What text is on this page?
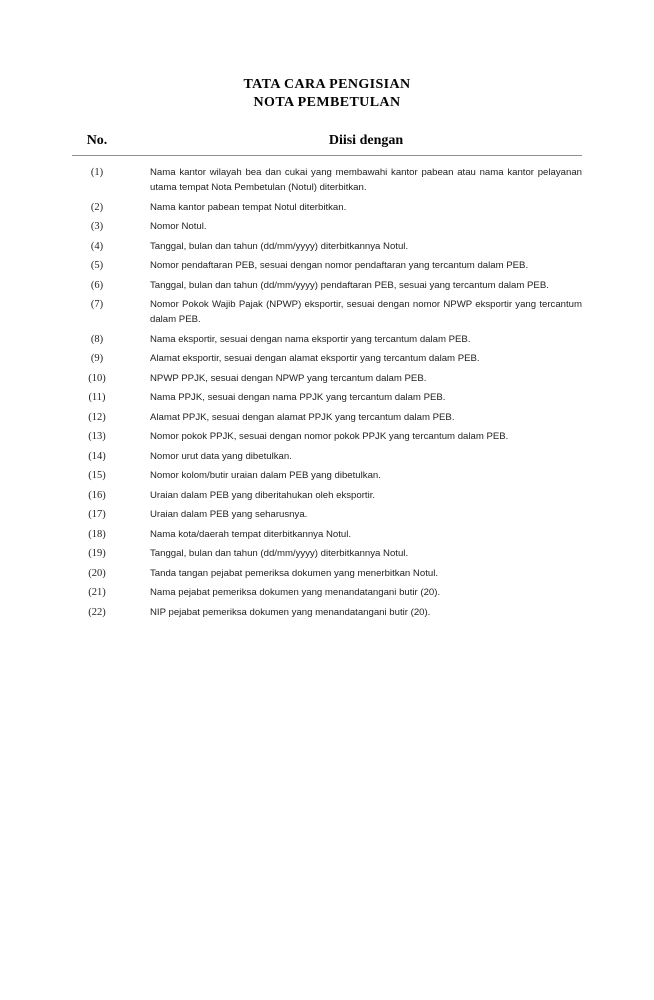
TATA CARA PENGISIAN
NOTA PEMBETULAN
No.	Diisi dengan
(1)	Nama kantor wilayah bea dan cukai yang membawahi kantor pabean atau nama kantor pelayanan utama tempat Nota Pembetulan (Notul) diterbitkan.
(2)	Nama kantor pabean tempat Notul diterbitkan.
(3)	Nomor Notul.
(4)	Tanggal, bulan dan tahun (dd/mm/yyyy) diterbitkannya Notul.
(5)	Nomor pendaftaran PEB, sesuai dengan nomor pendaftaran yang tercantum dalam PEB.
(6)	Tanggal, bulan dan tahun (dd/mm/yyyy) pendaftaran PEB, sesuai yang tercantum dalam PEB.
(7)	Nomor Pokok Wajib Pajak (NPWP) eksportir, sesuai dengan nomor NPWP eksportir yang tercantum dalam PEB.
(8)	Nama eksportir, sesuai dengan nama eksportir yang tercantum dalam PEB.
(9)	Alamat eksportir, sesuai dengan alamat eksportir yang tercantum dalam PEB.
(10)	NPWP PPJK, sesuai dengan NPWP yang tercantum dalam PEB.
(11)	Nama PPJK, sesuai dengan nama PPJK yang tercantum dalam PEB.
(12)	Alamat PPJK, sesuai dengan alamat PPJK yang tercantum dalam PEB.
(13)	Nomor pokok PPJK, sesuai dengan nomor pokok PPJK yang tercantum dalam PEB.
(14)	Nomor urut data yang dibetulkan.
(15)	Nomor kolom/butir uraian dalam PEB yang dibetulkan.
(16)	Uraian dalam PEB yang diberitahukan oleh eksportir.
(17)	Uraian dalam PEB yang seharusnya.
(18)	Nama kota/daerah tempat diterbitkannya Notul.
(19)	Tanggal, bulan dan tahun (dd/mm/yyyy) diterbitkannya Notul.
(20)	Tanda tangan pejabat pemeriksa dokumen yang menerbitkan Notul.
(21)	Nama pejabat pemeriksa dokumen yang menandatangani butir (20).
(22)	NIP pejabat pemeriksa dokumen yang menandatangani butir (20).
